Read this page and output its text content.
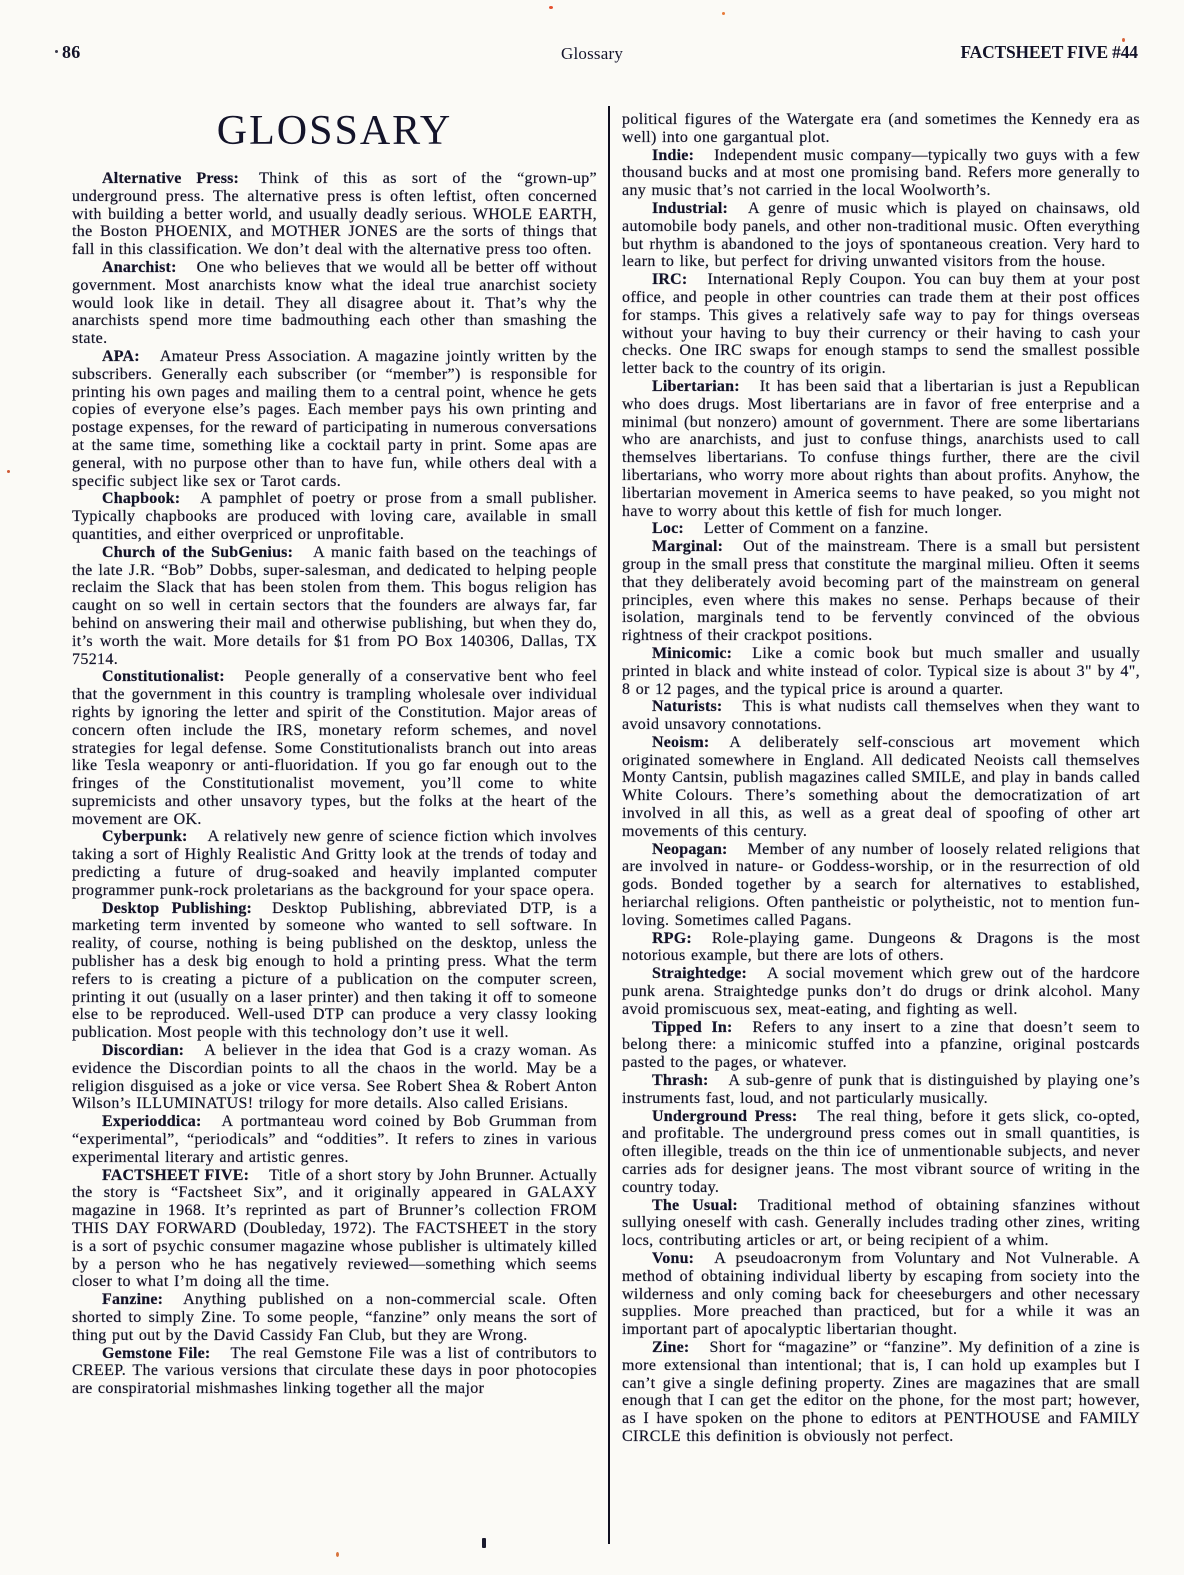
86	Glossary	FACTSHEET FIVE #44
GLOSSARY

Alternative Press: Think of this as sort of the “grown-up” underground press. The alternative press is often leftist, often concerned with building a better world, and usually deadly serious. WHOLE EARTH, the Boston PHOENIX, and MOTHER JONES are the sorts of things that fall in this classification. We don’t deal with the alternative press too often.

Anarchist: One who believes that we would all be better off without government. Most anarchists know what the ideal true anarchist society would look like in detail. They all disagree about it. That’s why the anarchists spend more time badmouthing each other than smashing the state.

APA: Amateur Press Association. A magazine jointly written by the subscribers. Generally each subscriber (or “member”) is responsible for printing his own pages and mailing them to a central point, whence he gets copies of everyone else’s pages. Each member pays his own printing and postage expenses, for the reward of participating in numerous conversations at the same time, something like a cocktail party in print. Some apas are general, with no purpose other than to have fun, while others deal with a specific subject like sex or Tarot cards.

Chapbook: A pamphlet of poetry or prose from a small publisher. Typically chapbooks are produced with loving care, available in small quantities, and either overpriced or unprofitable.

Church of the SubGenius: A manic faith based on the teachings of the late J.R. “Bob” Dobbs, super-salesman, and dedicated to helping people reclaim the Slack that has been stolen from them. This bogus religion has caught on so well in certain sectors that the founders are always far, far behind on answering their mail and otherwise publishing, but when they do, it’s worth the wait. More details for $1 from PO Box 140306, Dallas, TX 75214.

Constitutionalist: People generally of a conservative bent who feel that the government in this country is trampling wholesale over individual rights by ignoring the letter and spirit of the Constitution. Major areas of concern often include the IRS, monetary reform schemes, and novel strategies for legal defense. Some Constitutionalists branch out into areas like Tesla weaponry or anti-fluoridation. If you go far enough out to the fringes of the Constitutionalist movement, you’ll come to white supremicists and other unsavory types, but the folks at the heart of the movement are OK.

Cyberpunk: A relatively new genre of science fiction which involves taking a sort of Highly Realistic And Gritty look at the trends of today and predicting a future of drug-soaked and heavily implanted computer programmer punk-rock proletarians as the background for your space opera.

Desktop Publishing: Desktop Publishing, abbreviated DTP, is a marketing term invented by someone who wanted to sell software. In reality, of course, nothing is being published on the desktop, unless the publisher has a desk big enough to hold a printing press. What the term refers to is creating a picture of a publication on the computer screen, printing it out (usually on a laser printer) and then taking it off to someone else to be reproduced. Well-used DTP can produce a very classy looking publication. Most people with this technology don’t use it well.

Discordian: A believer in the idea that God is a crazy woman. As evidence the Discordian points to all the chaos in the world. May be a religion disguised as a joke or vice versa. See Robert Shea & Robert Anton Wilson’s ILLUMINATUS! trilogy for more details. Also called Erisians.

Experioddica: A portmanteau word coined by Bob Grumman from “experimental”, “periodicals” and “oddities”. It refers to zines in various experimental literary and artistic genres.

FACTSHEET FIVE: Title of a short story by John Brunner. Actually the story is “Factsheet Six”, and it originally appeared in GALAXY magazine in 1968. It’s reprinted as part of Brunner’s collection FROM THIS DAY FORWARD (Doubleday, 1972). The FACTSHEET in the story is a sort of psychic consumer magazine whose publisher is ultimately killed by a person who he has negatively reviewed—something which seems closer to what I’m doing all the time.

Fanzine: Anything published on a non-commercial scale. Often shorted to simply Zine. To some people, “fanzine” only means the sort of thing put out by the David Cassidy Fan Club, but they are Wrong.

Gemstone File: The real Gemstone File was a list of contributors to CREEP. The various versions that circulate these days in poor photocopies are conspiratorial mishmashes linking together all the major

political figures of the Watergate era (and sometimes the Kennedy era as well) into one gargantual plot.

Indie: Independent music company—typically two guys with a few thousand bucks and at most one promising band. Refers more generally to any music that’s not carried in the local Woolworth’s.

Industrial: A genre of music which is played on chainsaws, old automobile body panels, and other non-traditional music. Often everything but rhythm is abandoned to the joys of spontaneous creation. Very hard to learn to like, but perfect for driving unwanted visitors from the house.

IRC: International Reply Coupon. You can buy them at your post office, and people in other countries can trade them at their post offices for stamps. This gives a relatively safe way to pay for things overseas without your having to buy their currency or their having to cash your checks. One IRC swaps for enough stamps to send the smallest possible letter back to the country of its origin.

Libertarian: It has been said that a libertarian is just a Republican who does drugs. Most libertarians are in favor of free enterprise and a minimal (but nonzero) amount of government. There are some libertarians who are anarchists, and just to confuse things, anarchists used to call themselves libertarians. To confuse things further, there are the civil libertarians, who worry more about rights than about profits. Anyhow, the libertarian movement in America seems to have peaked, so you might not have to worry about this kettle of fish for much longer.

Loc: Letter of Comment on a fanzine.

Marginal: Out of the mainstream. There is a small but persistent group in the small press that constitute the marginal milieu. Often it seems that they deliberately avoid becoming part of the mainstream on general principles, even where this makes no sense. Perhaps because of their isolation, marginals tend to be fervently convinced of the obvious rightness of their crackpot positions.

Minicomic: Like a comic book but much smaller and usually printed in black and white instead of color. Typical size is about 3" by 4", 8 or 12 pages, and the typical price is around a quarter.

Naturists: This is what nudists call themselves when they want to avoid unsavory connotations.

Neoism: A deliberately self-conscious art movement which originated somewhere in England. All dedicated Neoists call themselves Monty Cantsin, publish magazines called SMILE, and play in bands called White Colours. There’s something about the democratization of art involved in all this, as well as a great deal of spoofing of other art movements of this century.

Neopagan: Member of any number of loosely related religions that are involved in nature- or Goddess-worship, or in the resurrection of old gods. Bonded together by a search for alternatives to established, heriarchal religions. Often pantheistic or polytheistic, not to mention fun-loving. Sometimes called Pagans.

RPG: Role-playing game. Dungeons & Dragons is the most notorious example, but there are lots of others.

Straightedge: A social movement which grew out of the hardcore punk arena. Straightedge punks don’t do drugs or drink alcohol. Many avoid promiscuous sex, meat-eating, and fighting as well.

Tipped In: Refers to any insert to a zine that doesn’t seem to belong there: a minicomic stuffed into a pfanzine, original postcards pasted to the pages, or whatever.

Thrash: A sub-genre of punk that is distinguished by playing one’s instruments fast, loud, and not particularly musically.

Underground Press: The real thing, before it gets slick, co-opted, and profitable. The underground press comes out in small quantities, is often illegible, treads on the thin ice of unmentionable subjects, and never carries ads for designer jeans. The most vibrant source of writing in the country today.

The Usual: Traditional method of obtaining sfanzines without sullying oneself with cash. Generally includes trading other zines, writing locs, contributing articles or art, or being recipient of a whim.

Vonu: A pseudoacronym from Voluntary and Not Vulnerable. A method of obtaining individual liberty by escaping from society into the wilderness and only coming back for cheeseburgers and other necessary supplies. More preached than practiced, but for a while it was an important part of apocalyptic libertarian thought.

Zine: Short for “magazine” or “fanzine”. My definition of a zine is more extensional than intentional; that is, I can hold up examples but I can’t give a single defining property. Zines are magazines that are small enough that I can get the editor on the phone, for the most part; however, as I have spoken on the phone to editors at PENTHOUSE and FAMILY CIRCLE this definition is obviously not perfect.
